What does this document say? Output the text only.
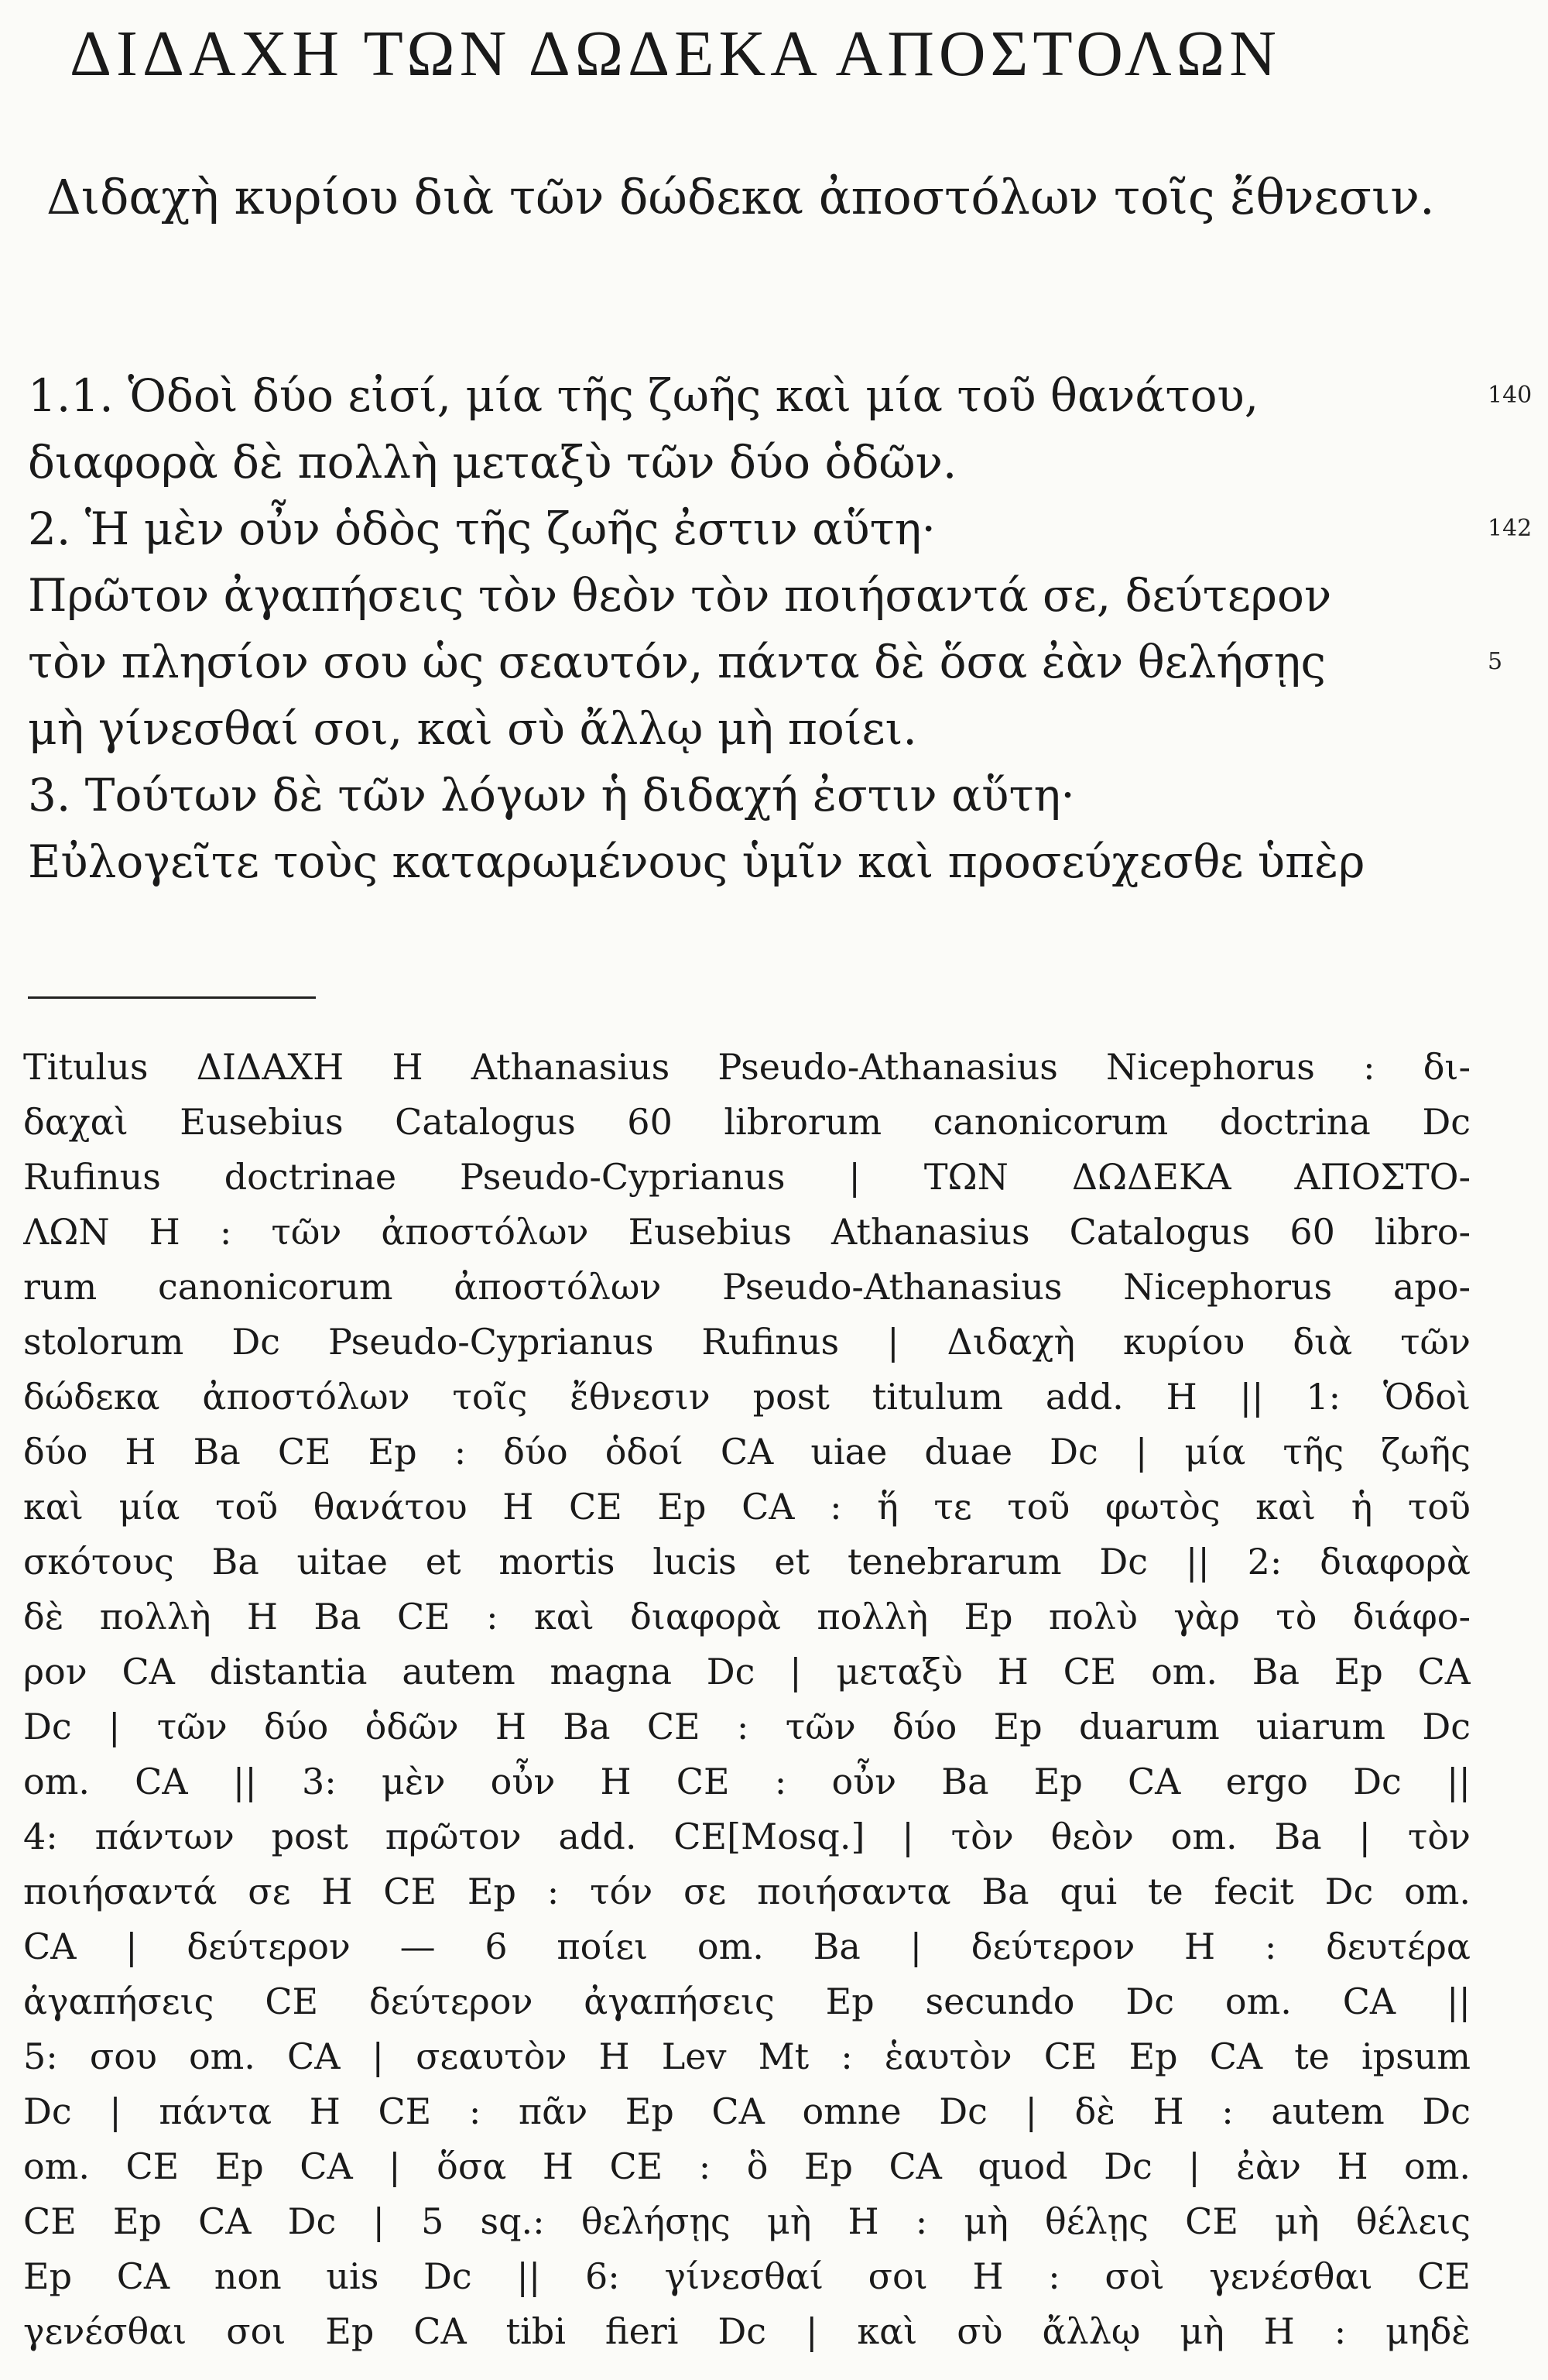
ΔΙΔΑΧΗ ΤΩΝ ΔΩΔΕΚΑ ΑΠΟΣΤΟΛΩΝ
Διδαχὴ κυρίου διὰ τῶν δώδεκα ἀποστόλων τοῖς ἔθνεσιν.
1.1. Ὁδοὶ δύο εἰσί, μία τῆς ζωῆς καὶ μία τοῦ θανάτου,
διαφορὰ δὲ πολλὴ μεταξὺ τῶν δύο ὁδῶν.
2. Ἡ μὲν οὖν ὁδὸς τῆς ζωῆς ἐστιν αὕτη·
Πρῶτον ἀγαπήσεις τὸν θεὸν τὸν ποιήσαντά σε, δεύτερον
τὸν πλησίον σου ὡς σεαυτόν, πάντα δὲ ὅσα ἐὰν θελήσῃς
μὴ γίνεσθαί σοι, καὶ σὺ ἄλλῳ μὴ ποίει.
3. Τούτων δὲ τῶν λόγων ἡ διδαχή ἐστιν αὕτη·
Εὐλογεῖτε τοὺς καταρωμένους ὑμῖν καὶ προσεύχεσθε ὑπὲρ
140
142
5
Titulus ΔΙΔΑΧΗ H Athanasius Pseudo-Athanasius Nicephorus : δι-
δαχαὶ Eusebius Catalogus 60 librorum canonicorum doctrina Dc
Rufinus doctrinae Pseudo-Cyprianus | ΤΩΝ ΔΩΔΕΚΑ ΑΠΟΣΤΟ-
ΛΩΝ H : τῶν ἀποστόλων Eusebius Athanasius Catalogus 60 libro-
rum canonicorum ἀποστόλων Pseudo-Athanasius Nicephorus apo-
stolorum Dc Pseudo-Cyprianus Rufinus | Διδαχὴ κυρίου διὰ τῶν
δώδεκα ἀποστόλων τοῖς ἔθνεσιν post titulum add. H || 1: Ὁδοὶ
δύο H Ba CE Ep : δύο ὁδοί CA uiae duae Dc | μία τῆς ζωῆς
καὶ μία τοῦ θανάτου H CE Ep CA : ἥ τε τοῦ φωτὸς καὶ ἡ τοῦ
σκότους Ba uitae et mortis lucis et tenebrarum Dc || 2: διαφορὰ
δὲ πολλὴ H Ba CE : καὶ διαφορὰ πολλὴ Ep πολὺ γὰρ τὸ διάφο-
ρον CA distantia autem magna Dc | μεταξὺ H CE om. Ba Ep CA
Dc | τῶν δύο ὁδῶν H Ba CE : τῶν δύο Ep duarum uiarum Dc
om. CA || 3: μὲν οὖν H CE : οὖν Ba Ep CA ergo Dc ||
4: πάντων post πρῶτον add. CE[Mosq.] | τὸν θεὸν om. Ba | τὸν
ποιήσαντά σε H CE Ep : τόν σε ποιήσαντα Ba qui te fecit Dc om.
CA | δεύτερον — 6 ποίει om. Ba | δεύτερον H : δευτέρα
ἀγαπήσεις CE δεύτερον ἀγαπήσεις Ep secundo Dc om. CA ||
5: σου om. CA | σεαυτὸν H Lev Mt : ἑαυτὸν CE Ep CA te ipsum
Dc | πάντα H CE : πᾶν Ep CA omne Dc | δὲ H : autem Dc
om. CE Ep CA | ὅσα H CE : ὃ Ep CA quod Dc | ἐὰν H om.
CE Ep CA Dc | 5 sq.: θελήσῃς μὴ H : μὴ θέλῃς CE μὴ θέλεις
Ep CA non uis Dc || 6: γίνεσθαί σοι H : σοὶ γενέσθαι CE
γενέσθαι σοι Ep CA tibi fieri Dc | καὶ σὺ ἄλλῳ μὴ H : μηδὲ
